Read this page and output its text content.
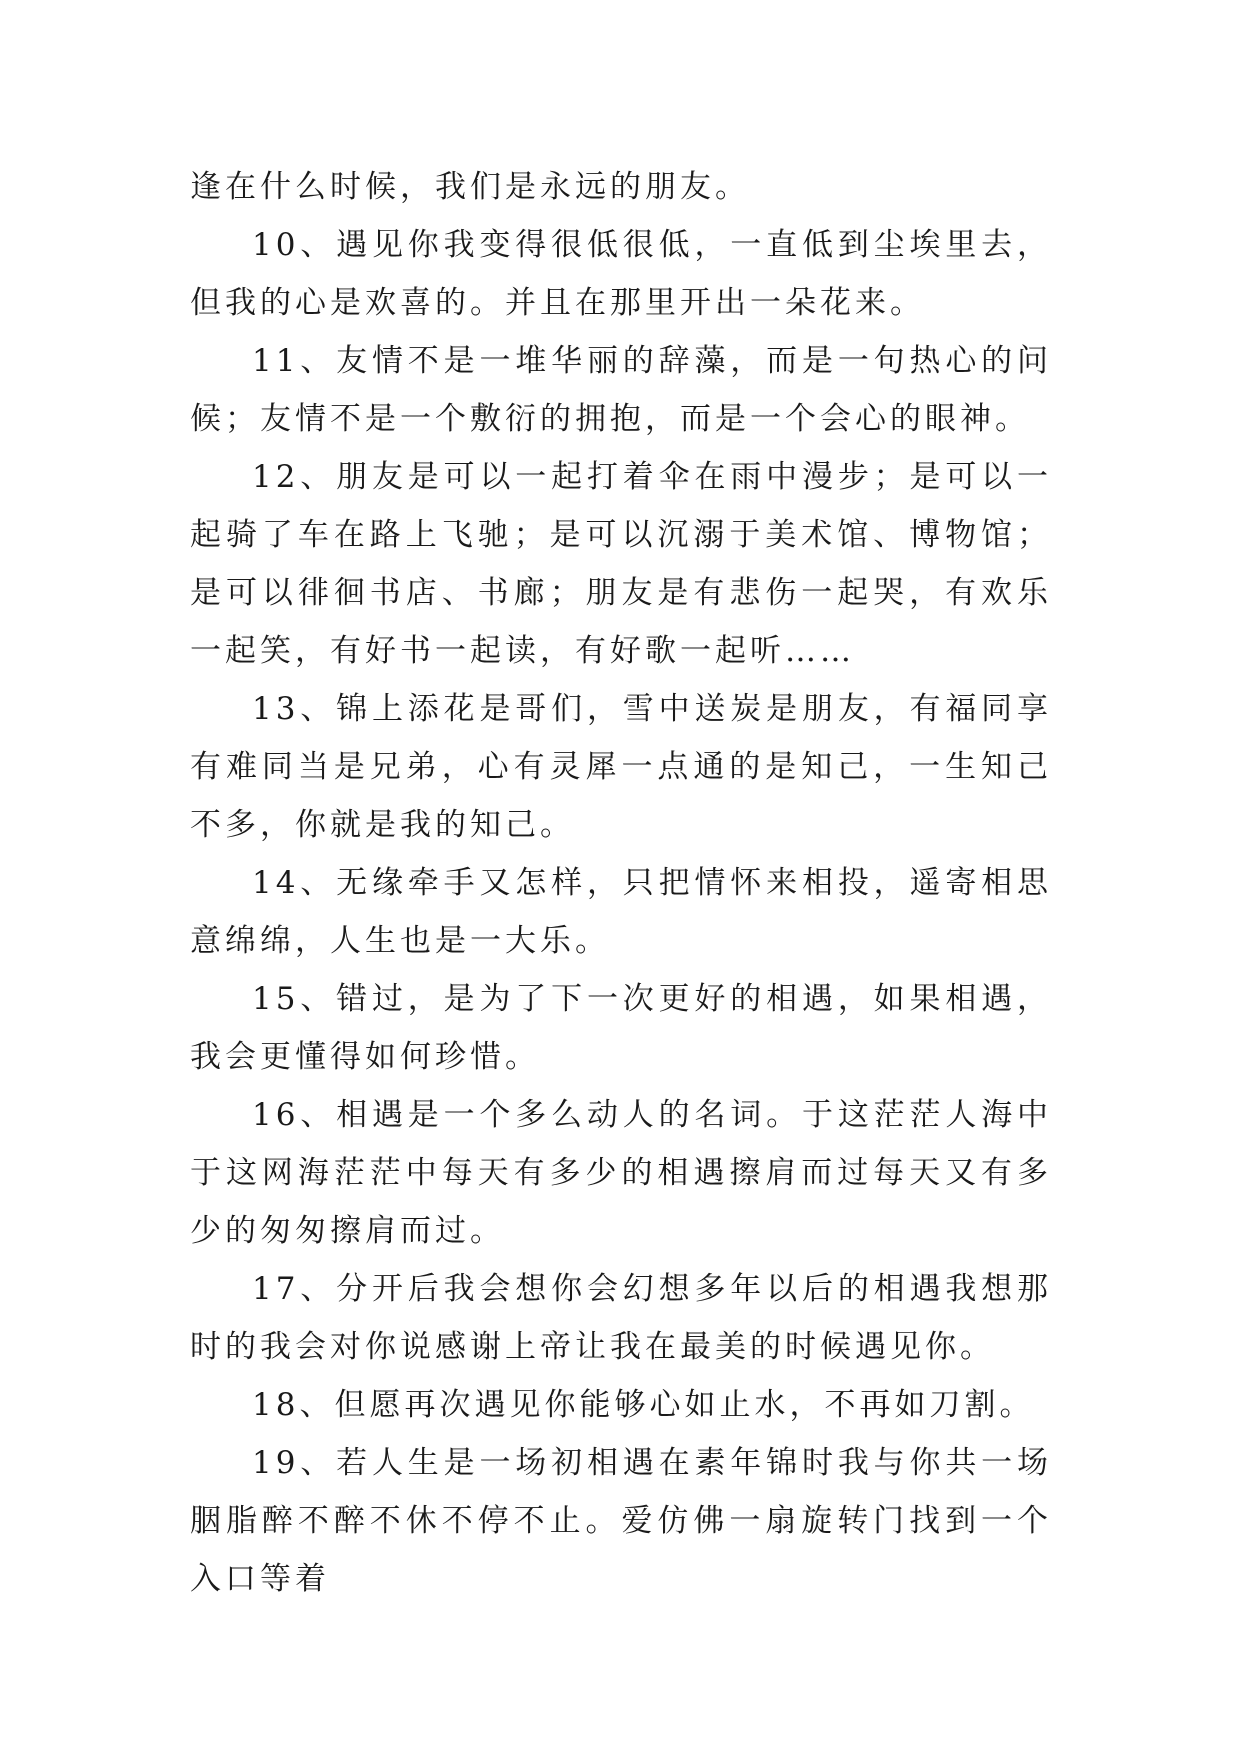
逢在什么时候，我们是永远的朋友。

10、遇见你我变得很低很低，一直低到尘埃里去，但我的心是欢喜的。并且在那里开出一朵花来。

11、友情不是一堆华丽的辞藻，而是一句热心的问候；友情不是一个敷衍的拥抱，而是一个会心的眼神。

12、朋友是可以一起打着伞在雨中漫步；是可以一起骑了车在路上飞驰；是可以沉溺于美术馆、博物馆；是可以徘徊书店、书廊；朋友是有悲伤一起哭，有欢乐一起笑，有好书一起读，有好歌一起听……

13、锦上添花是哥们，雪中送炭是朋友，有福同享有难同当是兄弟，心有灵犀一点通的是知己，一生知己不多，你就是我的知己。

14、无缘牵手又怎样，只把情怀来相投，遥寄相思意绵绵，人生也是一大乐。

15、错过，是为了下一次更好的相遇，如果相遇，我会更懂得如何珍惜。

16、相遇是一个多么动人的名词。于这茫茫人海中于这网海茫茫中每天有多少的相遇擦肩而过每天又有多少的匆匆擦肩而过。

17、分开后我会想你会幻想多年以后的相遇我想那时的我会对你说感谢上帝让我在最美的时候遇见你。

18、但愿再次遇见你能够心如止水，不再如刀割。

19、若人生是一场初相遇在素年锦时我与你共一场胭脂醉不醉不休不停不止。爱仿佛一扇旋转门找到一个入口等着
